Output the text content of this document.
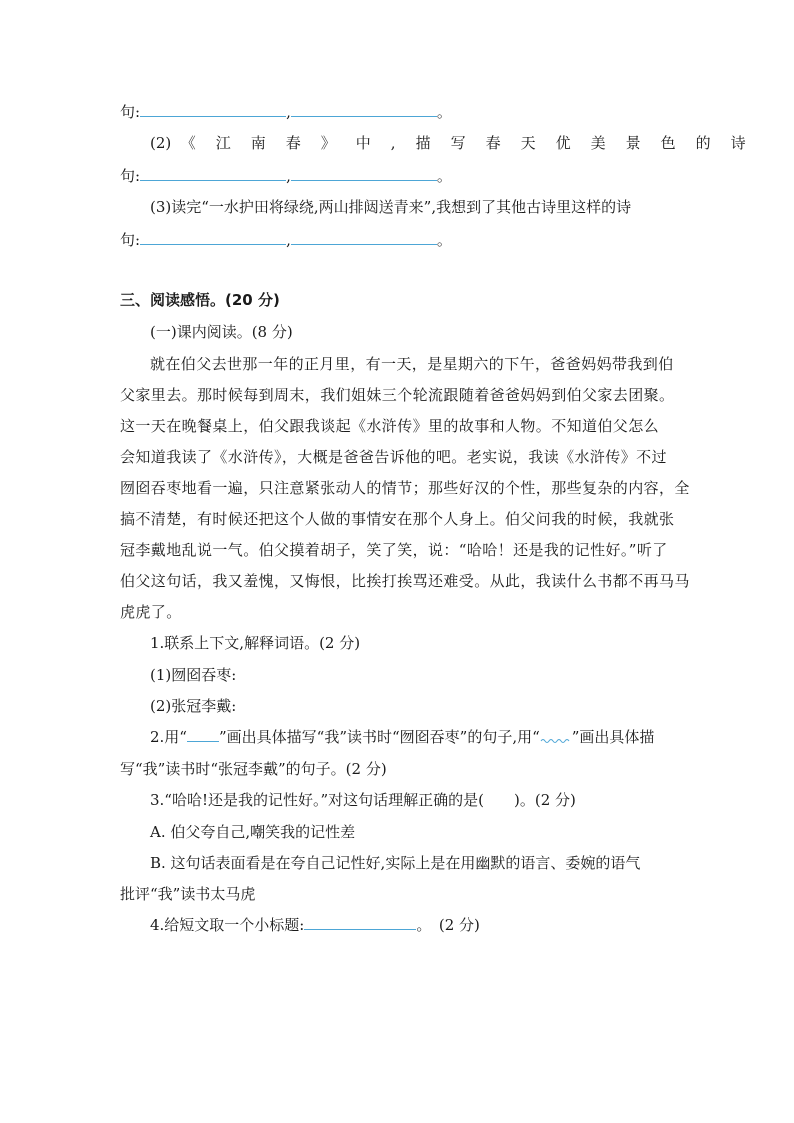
句:	,	。
(2) 《江南春》中,描写春天优美景色的诗
句:	,	。
(3)读完“一水护田将绿绕,两山排闼送青来”,我想到了其他古诗里这样的诗
句:	,	。
三、阅读感悟。(20 分)
(一)课内阅读。(8 分)
就在伯父去世那一年的正月里，有一天，是星期六的下午，爸爸妈妈带我到伯
父家里去。那时候每到周末，我们姐妹三个轮流跟随着爸爸妈妈到伯父家去团聚。
这一天在晚餐桌上，伯父跟我谈起《水浒传》里的故事和人物。不知道伯父怎么
会知道我读了《水浒传》，大概是爸爸告诉他的吧。老实说，我读《水浒传》不过
囫囵吞枣地看一遍，只注意紧张动人的情节；那些好汉的个性，那些复杂的内容，全
搞不清楚，有时候还把这个人做的事情安在那个人身上。伯父问我的时候，我就张
冠李戴地乱说一气。伯父摸着胡子，笑了笑，说：“哈哈！还是我的记性好。”听了
伯父这句话，我又羞愧，又悔恨，比挨打挨骂还难受。从此，我读什么书都不再马马
虎虎了。
1.联系上下文,解释词语。(2 分)
(1)囫囵吞枣:
(2)张冠李戴:
2.用“ ”画出具体描写“我”读书时“囫囵吞枣”的句子,用“ ”画出具体描
写“我”读书时“张冠李戴”的句子。(2 分)
3.“哈哈!还是我的记性好。”对这句话理解正确的是(　　)。(2 分)
A. 伯父夸自己,嘲笑我的记性差
B. 这句话表面看是在夸自己记性好,实际上是在用幽默的语言、委婉的语气
批评“我”读书太马虎
4.给短文取一个小标题:	。　(2 分)
